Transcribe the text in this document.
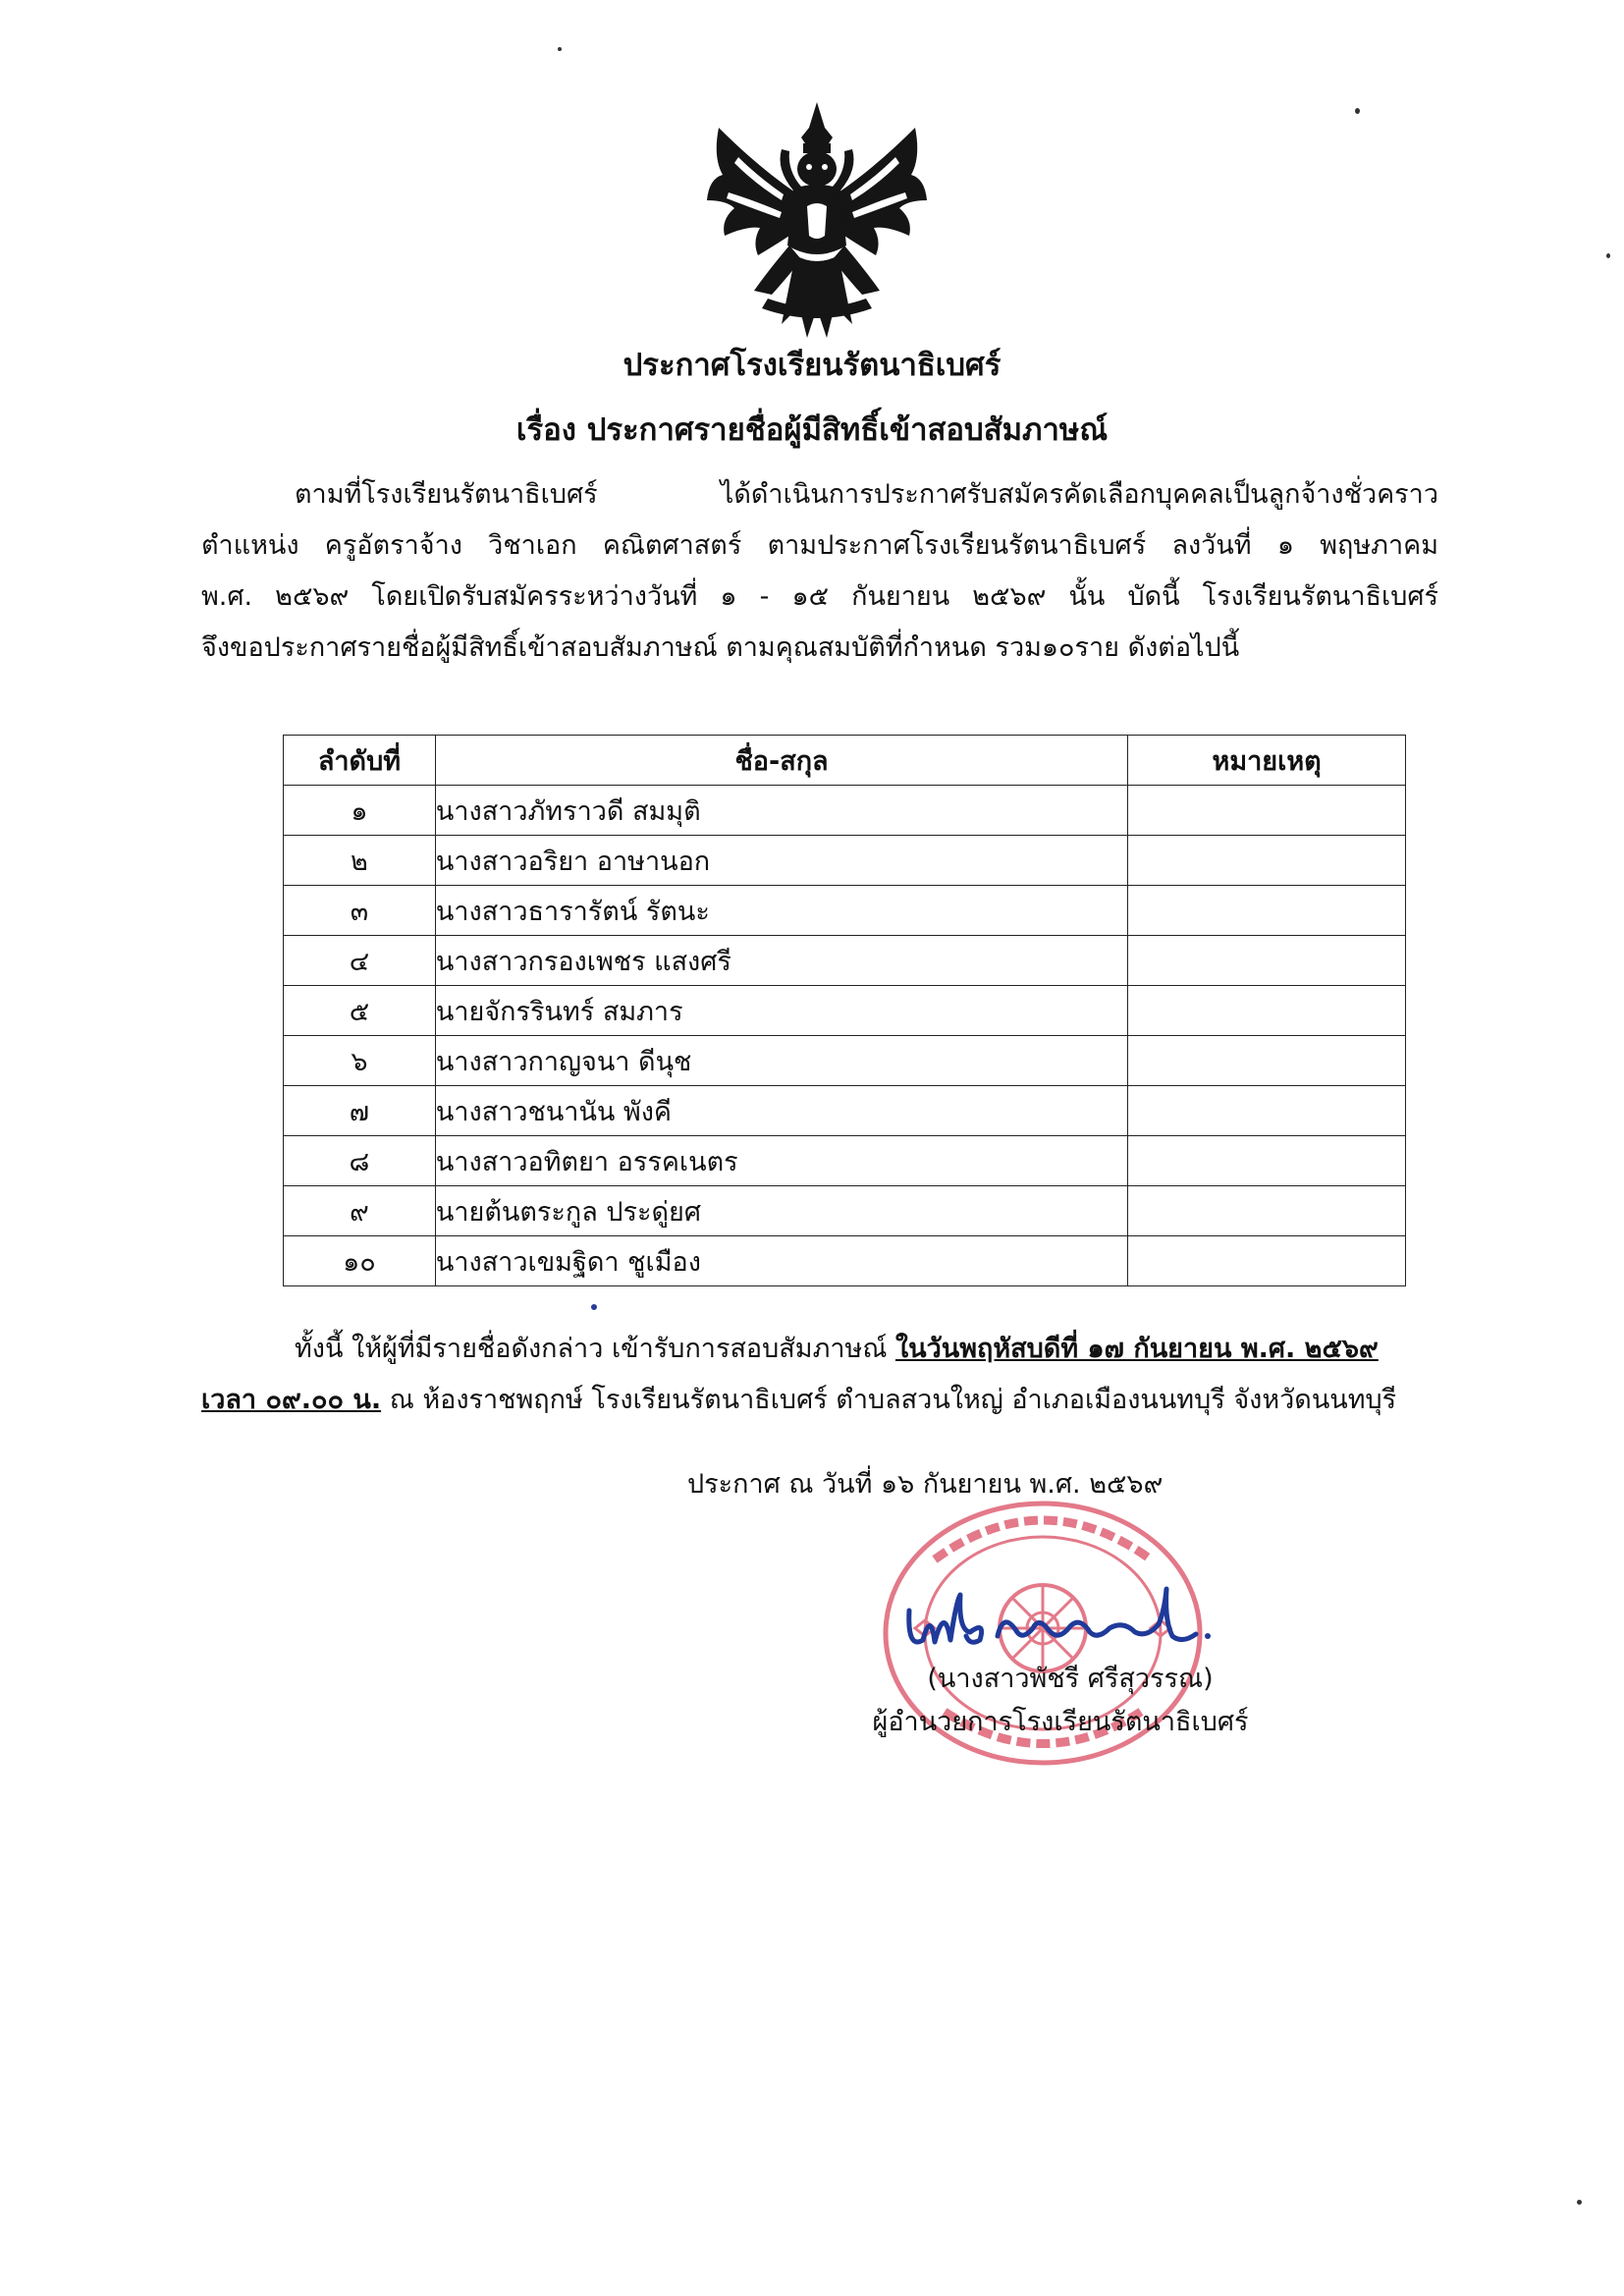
ประกาศโรงเรียนรัตนาธิเบศร์
เรื่อง ประกาศรายชื่อผู้มีสิทธิ์เข้าสอบสัมภาษณ์
ตามที่โรงเรียนรัตนาธิเบศร์ ได้ดำเนินการประกาศรับสมัครคัดเลือกบุคคลเป็นลูกจ้างชั่วคราว
ตำแหน่ง ครูอัตราจ้าง วิชาเอก คณิตศาสตร์ ตามประกาศโรงเรียนรัตนาธิเบศร์ ลงวันที่ ๑ พฤษภาคม
พ.ศ. ๒๕๖๙ โดยเปิดรับสมัครระหว่างวันที่ ๑ - ๑๕ กันยายน ๒๕๖๙ นั้น บัดนี้ โรงเรียนรัตนาธิเบศร์
จึงขอประกาศรายชื่อผู้มีสิทธิ์เข้าสอบสัมภาษณ์ ตามคุณสมบัติที่กำหนด รวม๑๐ราย ดังต่อไปนี้
ลำดับที่	ชื่อ-สกุล	หมายเหตุ
๑	นางสาวภัทราวดี สมมุติ	
๒	นางสาวอริยา อาษานอก	
๓	นางสาวธารารัตน์ รัตนะ	
๔	นางสาวกรองเพชร แสงศรี	
๕	นายจักรรินทร์ สมภาร	
๖	นางสาวกาญจนา ดีนุช	
๗	นางสาวชนานัน พังคี	
๘	นางสาวอทิตยา อรรคเนตร	
๙	นายต้นตระกูล ประดู่ยศ	
๑๐	นางสาวเขมฐิดา ชูเมือง	
ทั้งนี้ ให้ผู้ที่มีรายชื่อดังกล่าว เข้ารับการสอบสัมภาษณ์ ในวันพฤหัสบดีที่ ๑๗ กันยายน พ.ศ. ๒๕๖๙
เวลา ๐๙.๐๐ น. ณ ห้องราชพฤกษ์ โรงเรียนรัตนาธิเบศร์ ตำบลสวนใหญ่ อำเภอเมืองนนทบุรี จังหวัดนนทบุรี
ประกาศ ณ วันที่ ๑๖ กันยายน พ.ศ. ๒๕๖๙
(นางสาวพัชรี ศรีสุวรรณ)
ผู้อำนวยการโรงเรียนรัตนาธิเบศร์
